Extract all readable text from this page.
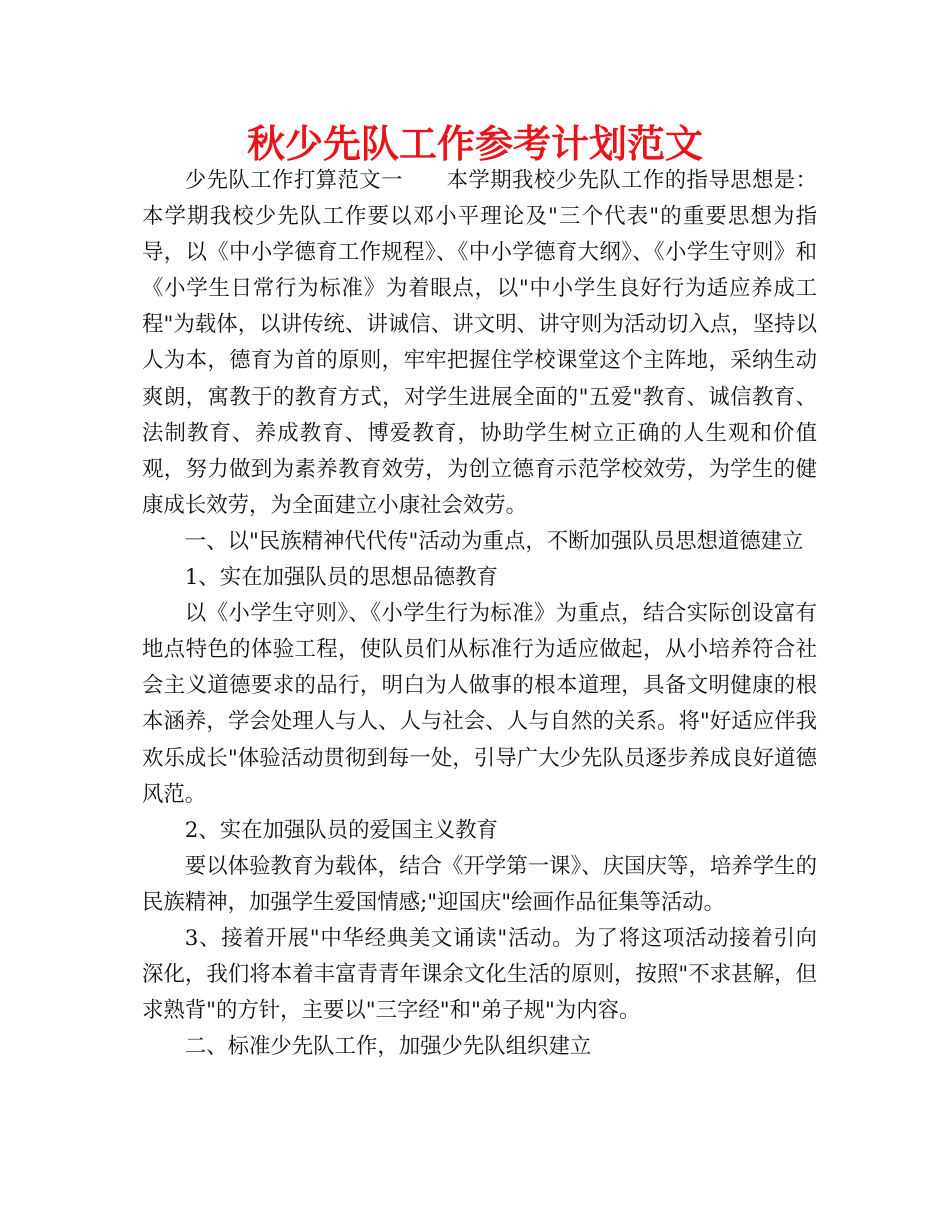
秋少先队工作参考计划范文

少先队工作打算范文一　　本学期我校少先队工作的指导思想是：本学期我校少先队工作要以邓小平理论及"三个代表"的重要思想为指导，以《中小学德育工作规程》、《中小学德育大纲》、《小学生守则》和《小学生日常行为标准》为着眼点，以"中小学生良好行为适应养成工程"为载体，以讲传统、讲诚信、讲文明、讲守则为活动切入点，坚持以人为本，德育为首的原则，牢牢把握住学校课堂这个主阵地，采纳生动爽朗，寓教于的教育方式，对学生进展全面的"五爱"教育、诚信教育、法制教育、养成教育、博爱教育，协助学生树立正确的人生观和价值观，努力做到为素养教育效劳，为创立德育示范学校效劳，为学生的健康成长效劳，为全面建立小康社会效劳。

一、以"民族精神代代传"活动为重点，不断加强队员思想道德建立

1、实在加强队员的思想品德教育

以《小学生守则》、《小学生行为标准》为重点，结合实际创设富有地点特色的体验工程，使队员们从标准行为适应做起，从小培养符合社会主义道德要求的品行，明白为人做事的根本道理，具备文明健康的根本涵养，学会处理人与人、人与社会、人与自然的关系。将"好适应伴我欢乐成长"体验活动贯彻到每一处，引导广大少先队员逐步养成良好道德风范。

2、实在加强队员的爱国主义教育

要以体验教育为载体，结合《开学第一课》、庆国庆等，培养学生的民族精神，加强学生爱国情感;"迎国庆"绘画作品征集等活动。

3、接着开展"中华经典美文诵读"活动。为了将这项活动接着引向深化，我们将本着丰富青青年课余文化生活的原则，按照"不求甚解，但求熟背"的方针，主要以"三字经"和"弟子规"为内容。

二、标准少先队工作，加强少先队组织建立
